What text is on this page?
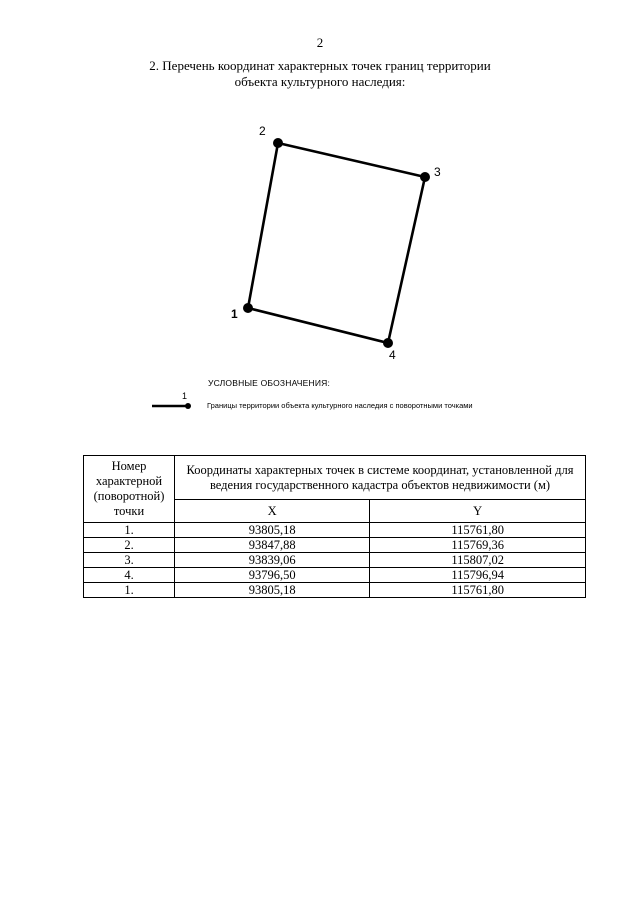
2
2. Перечень координат характерных точек границ территории
объекта культурного наследия:
1
2
3
4
УСЛОВНЫЕ ОБОЗНАЧЕНИЯ:
1
Границы территории объекта культурного наследия с поворотными точками
Номер характерной (поворотной) точки	Координаты характерных точек в системе координат, установленной для ведения государственного кадастра объектов недвижимости (м)	
	X	Y
1.	93805,18	115761,80
2.	93847,88	115769,36
3.	93839,06	115807,02
4.	93796,50	115796,94
1.	93805,18	115761,80
